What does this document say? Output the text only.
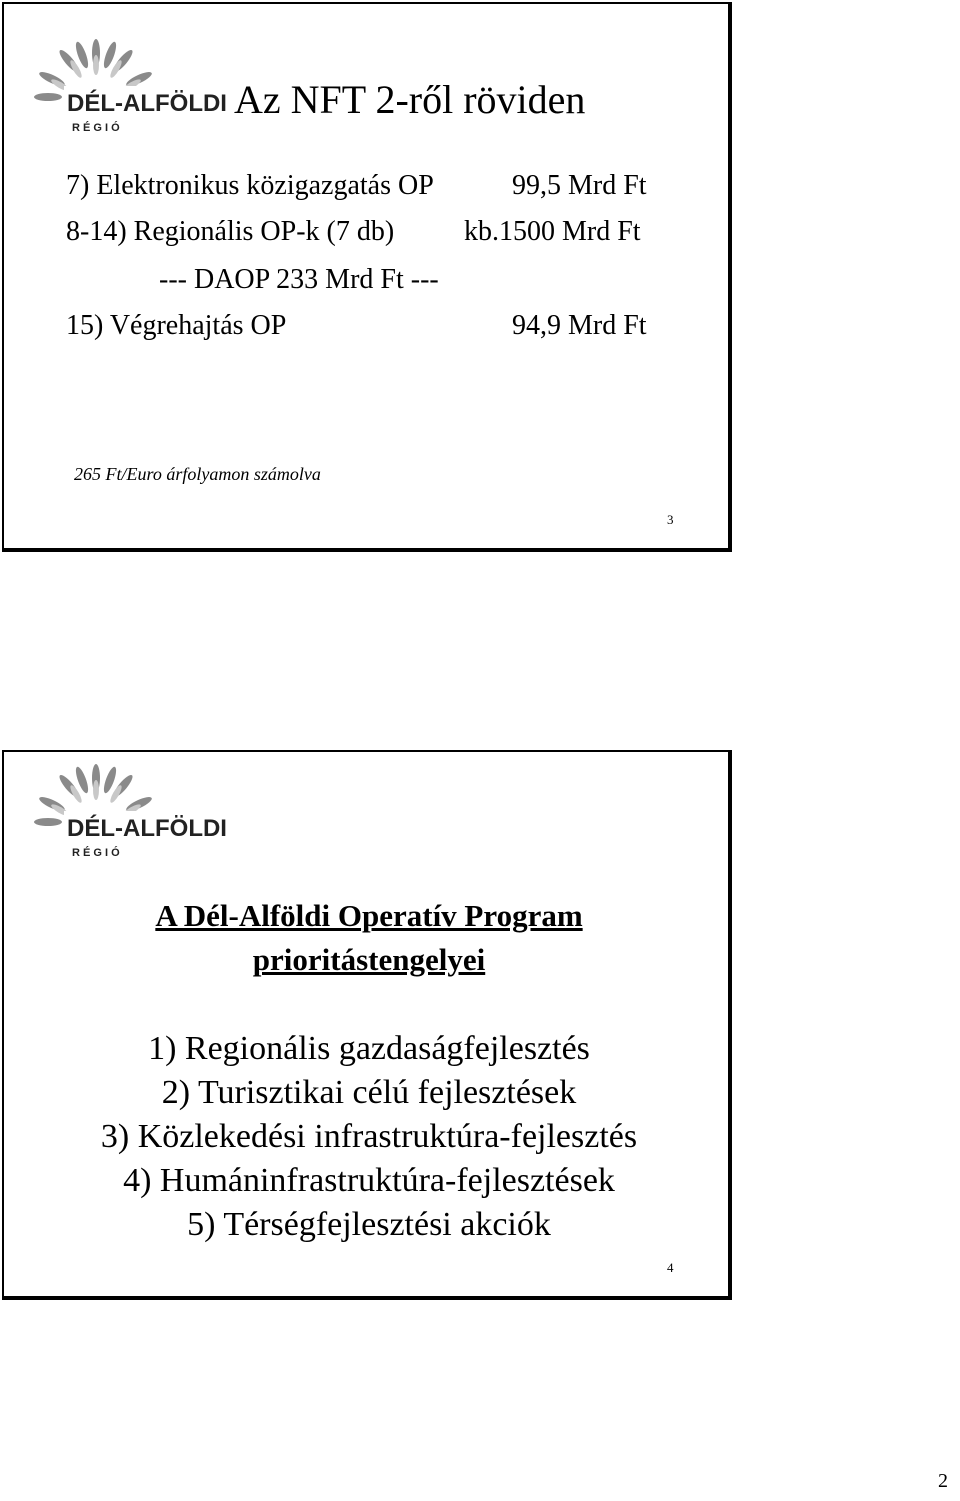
DÉL-ALFÖLDI
R É G I Ó
Az NFT 2-ről röviden
7) Elektronikus közigazgatás OP	99,5 Mrd Ft
8-14) Regionális OP-k (7 db) kb.1500 Mrd Ft
--- DAOP 233 Mrd Ft ---
15) Végrehajtás OP	94,9 Mrd Ft
265 Ft/Euro árfolyamon számolva
3
DÉL-ALFÖLDI
R É G I Ó
A Dél-Alföldi Operatív Program
prioritástengelyei
1) Regionális gazdaságfejlesztés
2) Turisztikai célú fejlesztések
3) Közlekedési infrastruktúra-fejlesztés
4) Humáninfrastruktúra-fejlesztések
5) Térségfejlesztési akciók
4
2
